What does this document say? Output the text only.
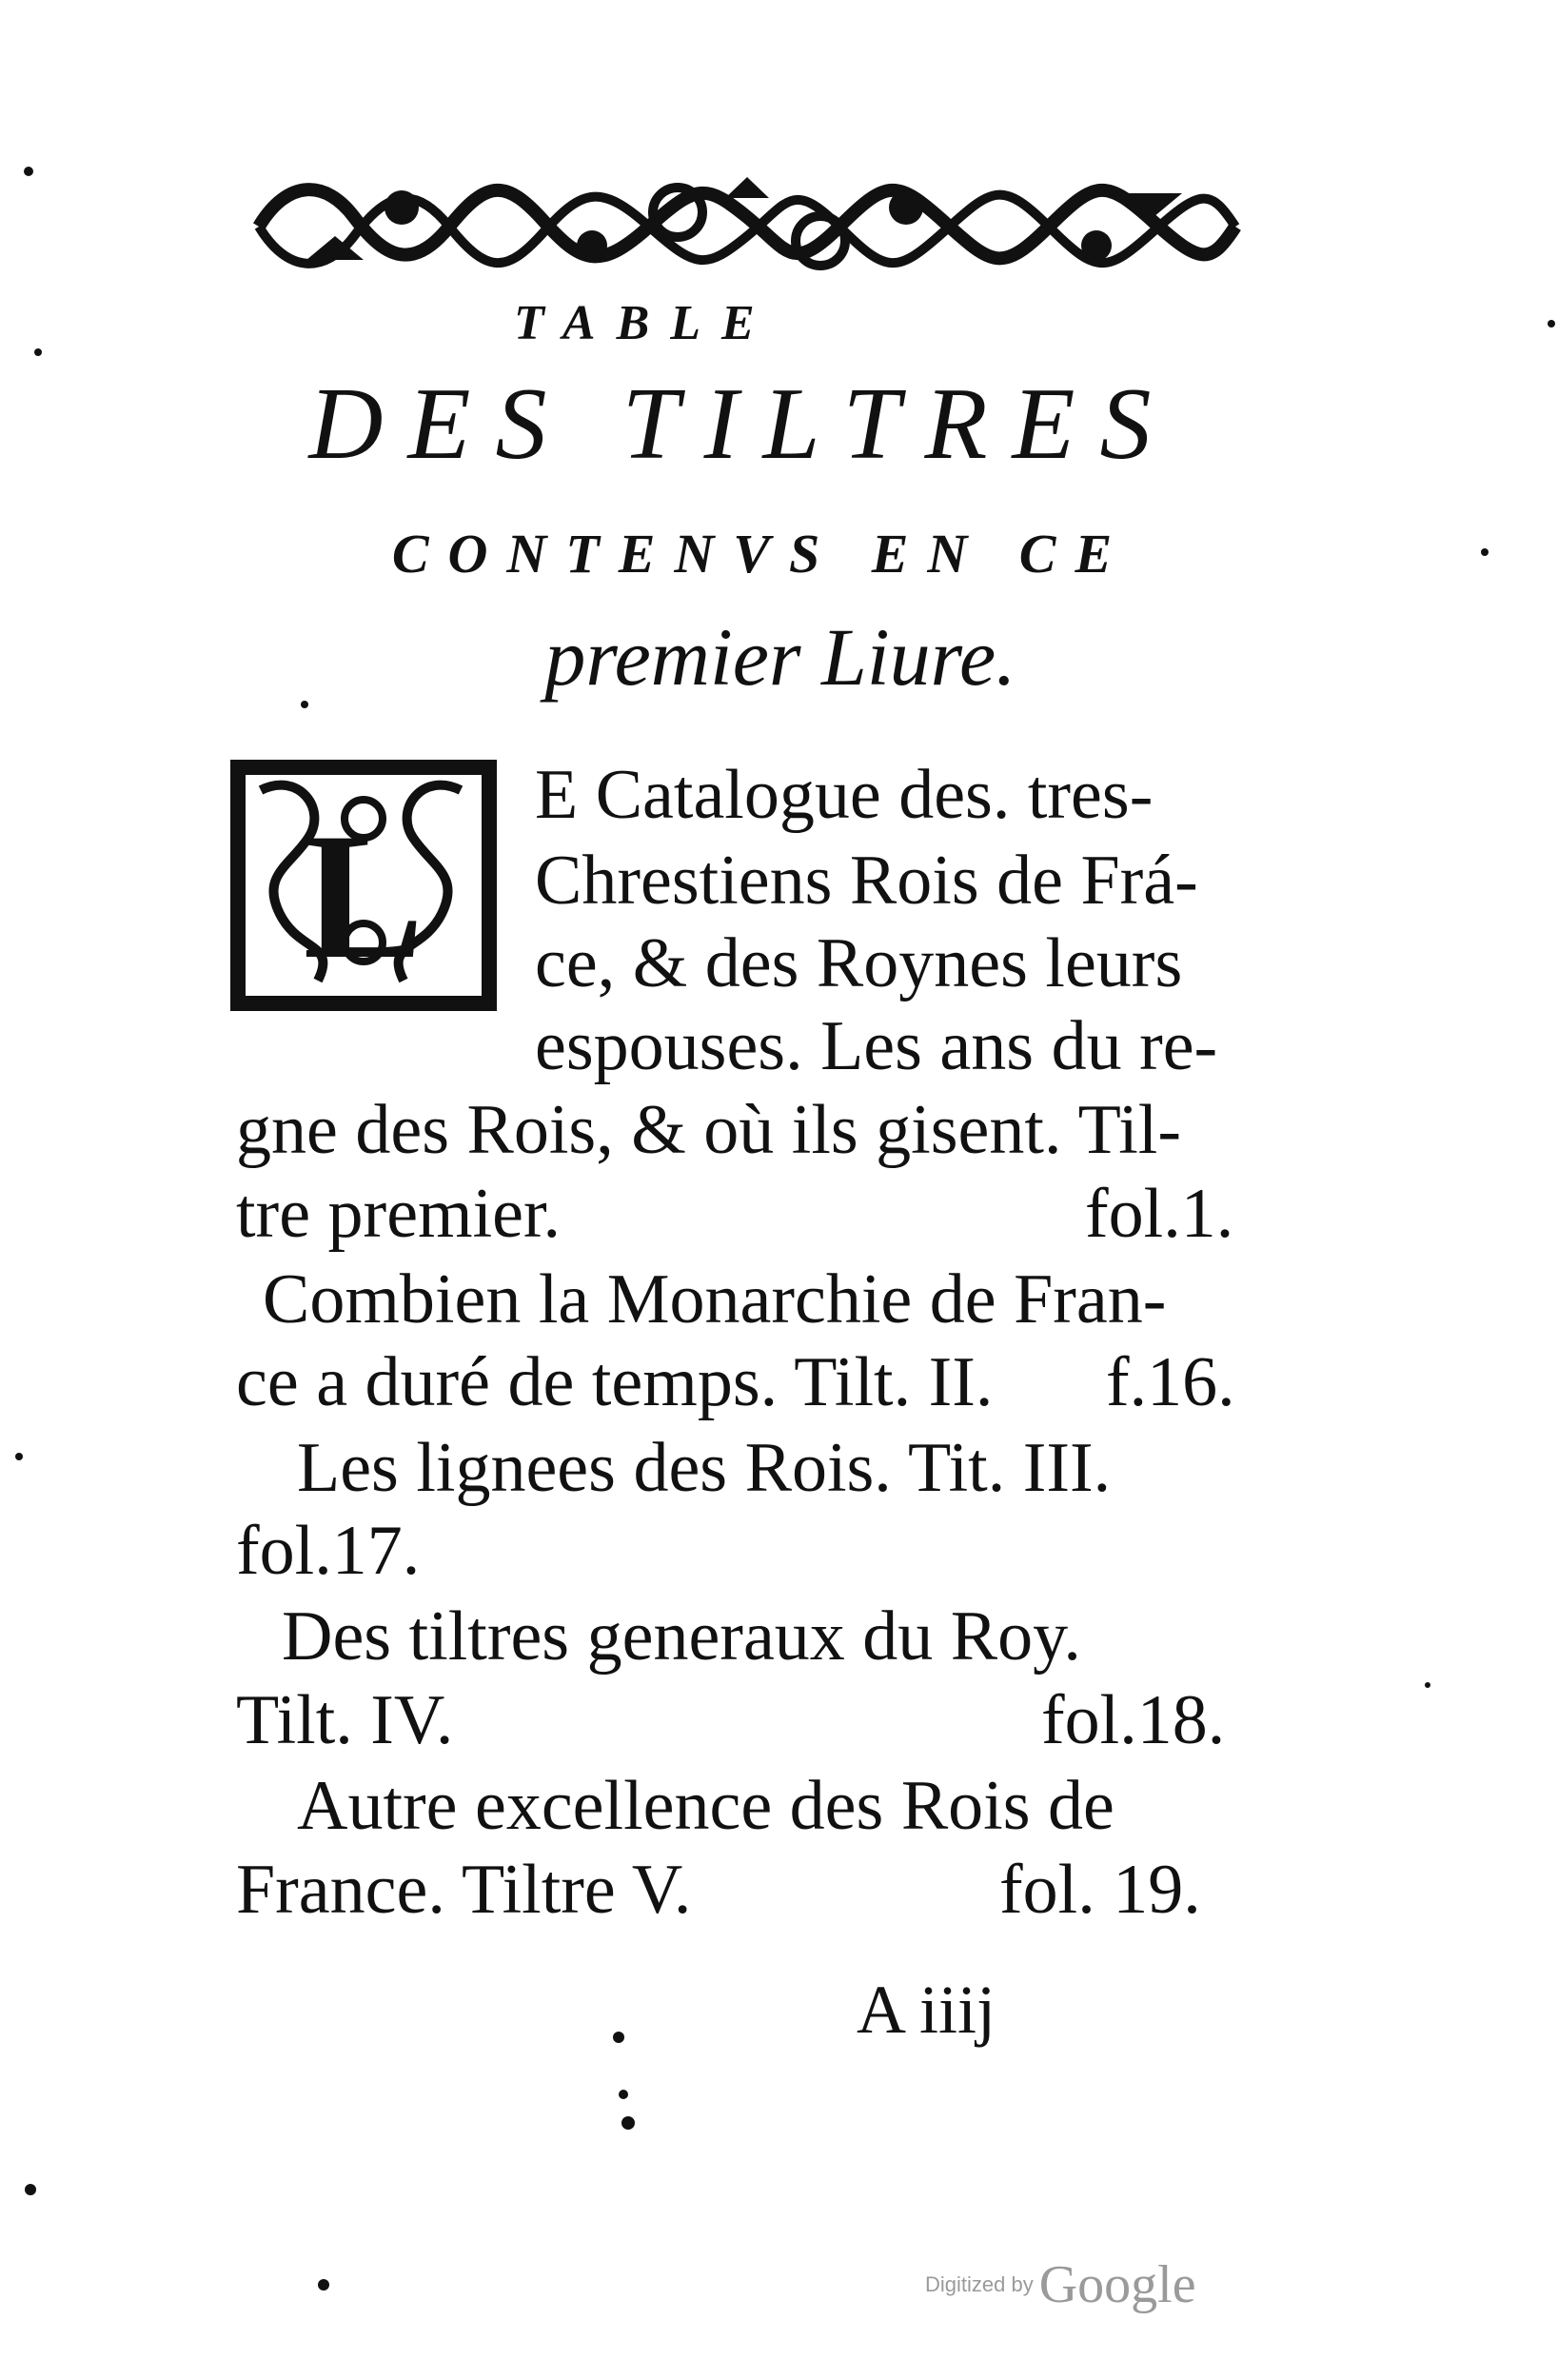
TABLE
DES TILTRES
CONTENVS EN CE
premier Liure.
L
E Catalogue des. tres-
Chrestiens Rois de Frá-
ce, & des Roynes leurs
espouses. Les ans du re-
gne des Rois, & où ils gisent. Til-
tre premier.	fol.1.
Combien la Monarchie de Fran-
ce a duré de temps. Tilt. II. f.16.
Les lignees des Rois. Tit. III.
fol.17.
Des tiltres generaux du Roy.
Tilt. IV.	fol.18.
Autre excellence des Rois de
France. Tiltre V.	fol. 19.
A iiij
Digitized by Google
